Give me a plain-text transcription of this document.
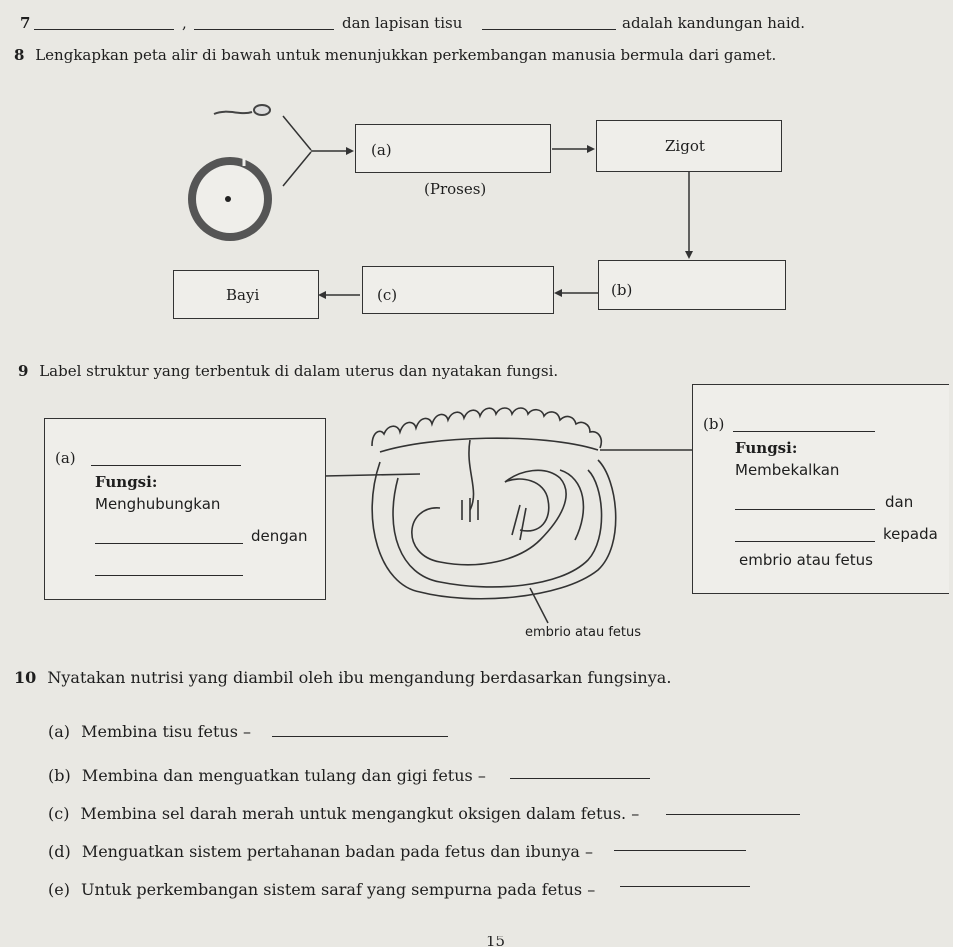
7	,	dan lapisan tisu	adalah kandungan haid.
8 Lengkapkan peta alir di bawah untuk menunjukkan perkembangan manusia bermula dari gamet.
(a)
(Proses)
Zigot
(b)
(c)
Bayi
9 Label struktur yang terbentuk di dalam uterus dan nyatakan fungsi.
(a)
Fungsi:
Menghubungkan
dengan
(b)
Fungsi:
Membekalkan
dan
kepada
embrio atau fetus
embrio atau fetus
10 Nyatakan nutrisi yang diambil oleh ibu mengandung berdasarkan fungsinya.
(a) Membina tisu fetus –
(b) Membina dan menguatkan tulang dan gigi fetus –
(c) Membina sel darah merah untuk mengangkut oksigen dalam fetus. –
(d) Menguatkan sistem pertahanan badan pada fetus dan ibunya –
(e) Untuk perkembangan sistem saraf yang sempurna pada fetus –
15
